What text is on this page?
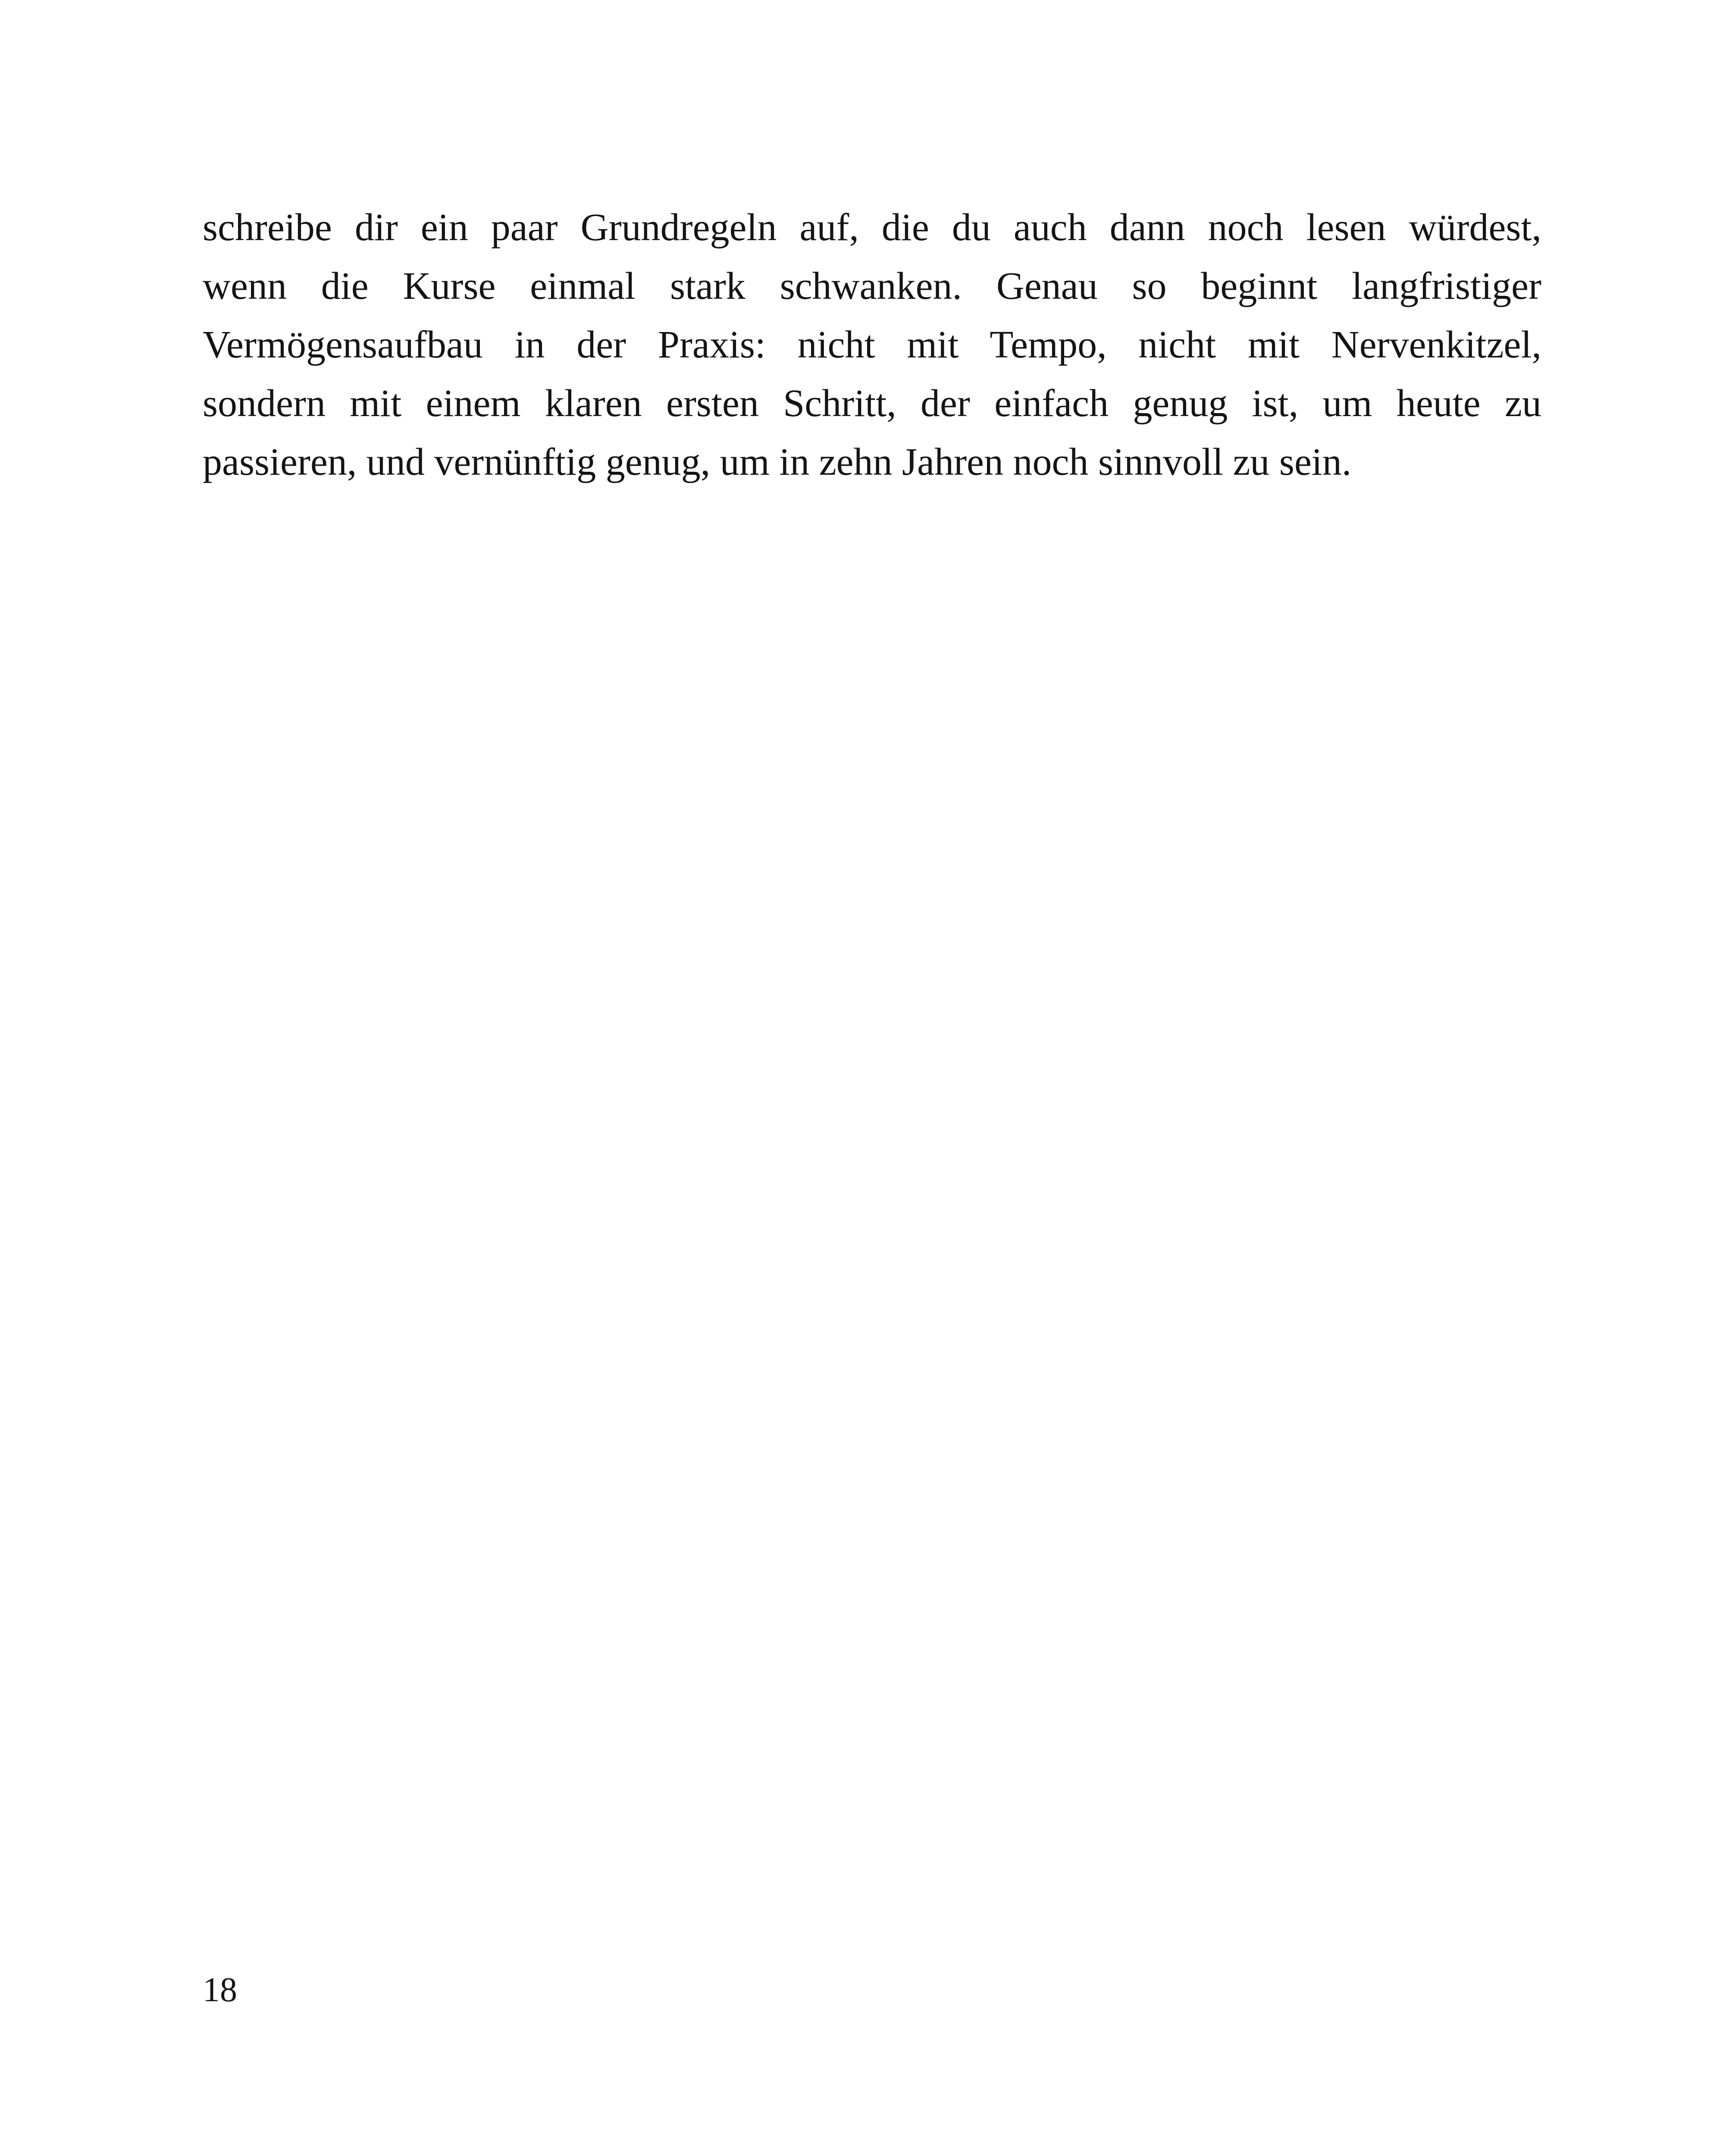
schreibe dir ein paar Grundregeln auf, die du auch dann noch lesen würdest,
wenn die Kurse einmal stark schwanken. Genau so beginnt langfristiger
Vermögensaufbau in der Praxis: nicht mit Tempo, nicht mit Nervenkitzel,
sondern mit einem klaren ersten Schritt, der einfach genug ist, um heute zu
passieren, und vernünftig genug, um in zehn Jahren noch sinnvoll zu sein.

18
